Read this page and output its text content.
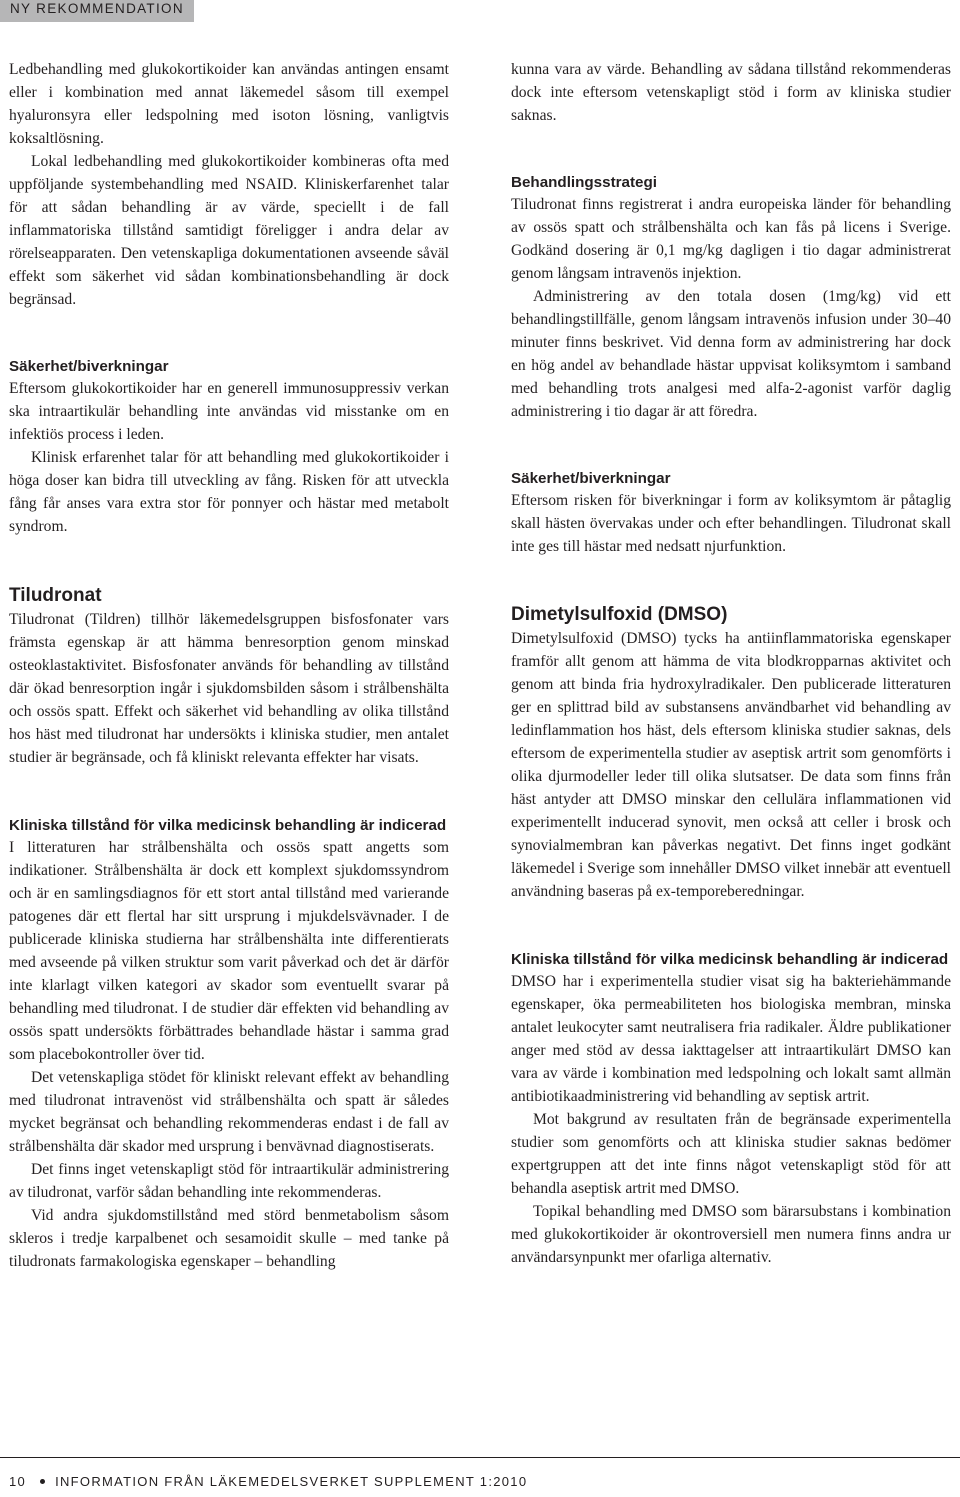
NY REKOMMENDATION

Ledbehandling med glukokortikoider kan användas antingen ensamt eller i kombination med annat läkemedel såsom till exempel hyaluronsyra eller ledspolning med isoton lösning, vanligtvis koksaltlösning.

Lokal ledbehandling med glukokortikoider kombineras ofta med uppföljande systembehandling med NSAID. Kliniskerfarenhet talar för att sådan behandling är av värde, speciellt i de fall inflammatoriska tillstånd samtidigt föreligger i andra delar av rörelseapparaten. Den vetenskapliga dokumentationen avseende såväl effekt som säkerhet vid sådan kombinationsbehandling är dock begränsad.

Säkerhet/biverkningar

Eftersom glukokortikoider har en generell immunosuppressiv verkan ska intraartikulär behandling inte användas vid misstanke om en infektiös process i leden.

Klinisk erfarenhet talar för att behandling med glukokortikoider i höga doser kan bidra till utveckling av fång. Risken för att utveckla fång får anses vara extra stor för ponnyer och hästar med metabolt syndrom.

Tiludronat

Tiludronat (Tildren) tillhör läkemedelsgruppen bisfosfonater vars främsta egenskap är att hämma benresorption genom minskad osteoklastaktivitet. Bisfosfonater används för behandling av tillstånd där ökad benresorption ingår i sjukdomsbilden såsom i strålbenshälta och ossös spatt. Effekt och säkerhet vid behandling av olika tillstånd hos häst med tiludronat har undersökts i kliniska studier, men antalet studier är begränsade, och få kliniskt relevanta effekter har visats.

Kliniska tillstånd för vilka medicinsk behandling är indicerad

I litteraturen har strålbenshälta och ossös spatt angetts som indikationer. Strålbenshälta är dock ett komplext sjukdomssyndrom och är en samlingsdiagnos för ett stort antal tillstånd med varierande patogenes där ett flertal har sitt ursprung i mjukdelsvävnader. I de publicerade kliniska studierna har strålbenshälta inte differentierats med avseende på vilken struktur som varit påverkad och det är därför inte klarlagt vilken kategori av skador som eventuellt svarar på behandling med tiludronat. I de studier där effekten vid behandling av ossös spatt undersökts förbättrades behandlade hästar i samma grad som placebokontroller över tid.

Det vetenskapliga stödet för kliniskt relevant effekt av behandling med tiludronat intravenöst vid strålbenshälta och spatt är således mycket begränsat och behandling rekommenderas endast i de fall av strålbenshälta där skador med ursprung i benvävnad diagnostiserats.

Det finns inget vetenskapligt stöd för intraartikulär administrering av tiludronat, varför sådan behandling inte rekommenderas.

Vid andra sjukdomstillstånd med störd benmetabolism såsom skleros i tredje karpalbenet och sesamoidit skulle – med tanke på tiludronats farmakologiska egenskaper – behandling

kunna vara av värde. Behandling av sådana tillstånd rekommenderas dock inte eftersom vetenskapligt stöd i form av kliniska studier saknas.

Behandlingsstrategi

Tiludronat finns registrerat i andra europeiska länder för behandling av ossös spatt och strålbenshälta och kan fås på licens i Sverige. Godkänd dosering är 0,1 mg/kg dagligen i tio dagar administrerat genom långsam intravenös injektion.

Administrering av den totala dosen (1mg/kg) vid ett behandlingstillfälle, genom långsam intravenös infusion under 30–40 minuter finns beskrivet. Vid denna form av administrering har dock en hög andel av behandlade hästar uppvisat koliksymtom i samband med behandling trots analgesi med alfa-2-agonist varför daglig administrering i tio dagar är att föredra.

Säkerhet/biverkningar

Eftersom risken för biverkningar i form av koliksymtom är påtaglig skall hästen övervakas under och efter behandlingen. Tiludronat skall inte ges till hästar med nedsatt njurfunktion.

Dimetylsulfoxid (DMSO)

Dimetylsulfoxid (DMSO) tycks ha antiinflammatoriska egenskaper framför allt genom att hämma de vita blodkropparnas aktivitet och genom att binda fria hydroxylradikaler. Den publicerade litteraturen ger en splittrad bild av substansens användbarhet vid behandling av ledinflammation hos häst, dels eftersom kliniska studier saknas, dels eftersom de experimentella studier av aseptisk artrit som genomförts i olika djurmodeller leder till olika slutsatser. De data som finns från häst antyder att DMSO minskar den cellulära inflammationen vid experimentellt inducerad synovit, men också att celler i brosk och synovialmembran kan påverkas negativt. Det finns inget godkänt läkemedel i Sverige som innehåller DMSO vilket innebär att eventuell användning baseras på ex-temporeberedningar.

Kliniska tillstånd för vilka medicinsk behandling är indicerad

DMSO har i experimentella studier visat sig ha bakteriehämmande egenskaper, öka permeabiliteten hos biologiska membran, minska antalet leukocyter samt neutralisera fria radikaler. Äldre publikationer anger med stöd av dessa iakttagelser att intraartikulärt DMSO kan vara av värde i kombination med ledspolning och lokalt samt allmän antibiotikaadministrering vid behandling av septisk artrit.

Mot bakgrund av resultaten från de begränsade experimentella studier som genomförts och att kliniska studier saknas bedömer expertgruppen att det inte finns något vetenskapligt stöd för att behandla aseptisk artrit med DMSO.

Topikal behandling med DMSO som bärarsubstans i kombination med glukokortikoider är okontroversiell men numera finns andra ur användarsynpunkt mer ofarliga alternativ.

10 INFORMATION FRÅN LÄKEMEDELSVERKET SUPPLEMENT 1:2010
